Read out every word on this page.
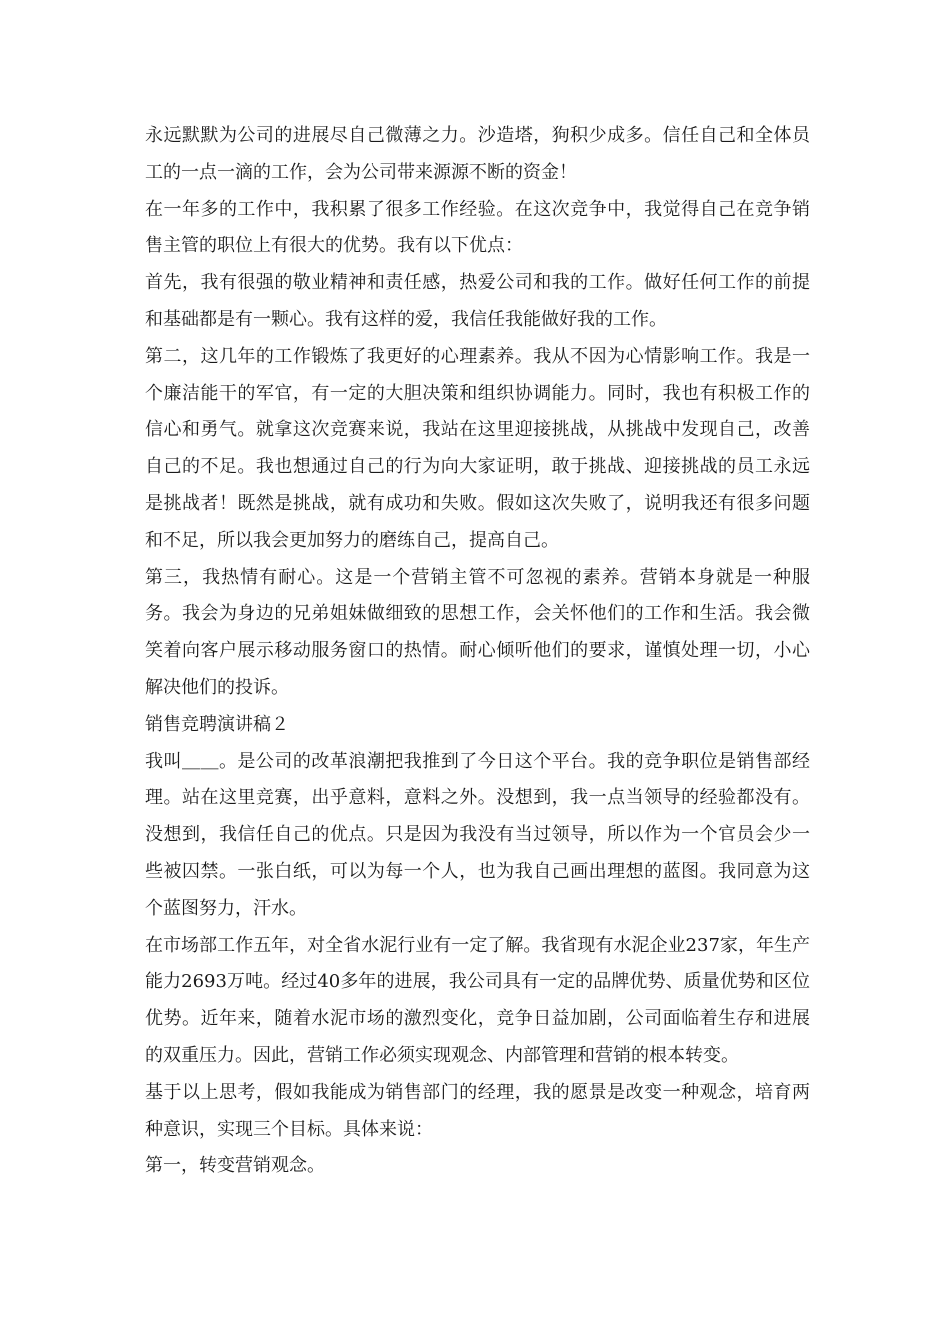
永远默默为公司的进展尽自己微薄之力。沙造塔，狗积少成多。信任自己和全体员工的一点一滴的工作，会为公司带来源源不断的资金！

在一年多的工作中，我积累了很多工作经验。在这次竞争中，我觉得自己在竞争销售主管的职位上有很大的优势。我有以下优点：

首先，我有很强的敬业精神和责任感，热爱公司和我的工作。做好任何工作的前提和基础都是有一颗心。我有这样的爱，我信任我能做好我的工作。

第二，这几年的工作锻炼了我更好的心理素养。我从不因为心情影响工作。我是一个廉洁能干的军官，有一定的大胆决策和组织协调能力。同时，我也有积极工作的信心和勇气。就拿这次竞赛来说，我站在这里迎接挑战，从挑战中发现自己，改善自己的不足。我也想通过自己的行为向大家证明，敢于挑战、迎接挑战的员工永远是挑战者！既然是挑战，就有成功和失败。假如这次失败了，说明我还有很多问题和不足，所以我会更加努力的磨练自己，提高自己。

第三，我热情有耐心。这是一个营销主管不可忽视的素养。营销本身就是一种服务。我会为身边的兄弟姐妹做细致的思想工作，会关怀他们的工作和生活。我会微笑着向客户展示移动服务窗口的热情。耐心倾听他们的要求，谨慎处理一切，小心解决他们的投诉。

销售竞聘演讲稿２

我叫＿＿。是公司的改革浪潮把我推到了今日这个平台。我的竞争职位是销售部经理。站在这里竞赛，出乎意料，意料之外。没想到，我一点当领导的经验都没有。没想到，我信任自己的优点。只是因为我没有当过领导，所以作为一个官员会少一些被囚禁。一张白纸，可以为每一个人，也为我自己画出理想的蓝图。我同意为这个蓝图努力，汗水。

在市场部工作五年，对全省水泥行业有一定了解。我省现有水泥企业237家，年生产能力2693万吨。经过40多年的进展，我公司具有一定的品牌优势、质量优势和区位优势。近年来，随着水泥市场的激烈变化，竞争日益加剧，公司面临着生存和进展的双重压力。因此，营销工作必须实现观念、内部管理和营销的根本转变。

基于以上思考，假如我能成为销售部门的经理，我的愿景是改变一种观念，培育两种意识，实现三个目标。具体来说：

第一，转变营销观念。
